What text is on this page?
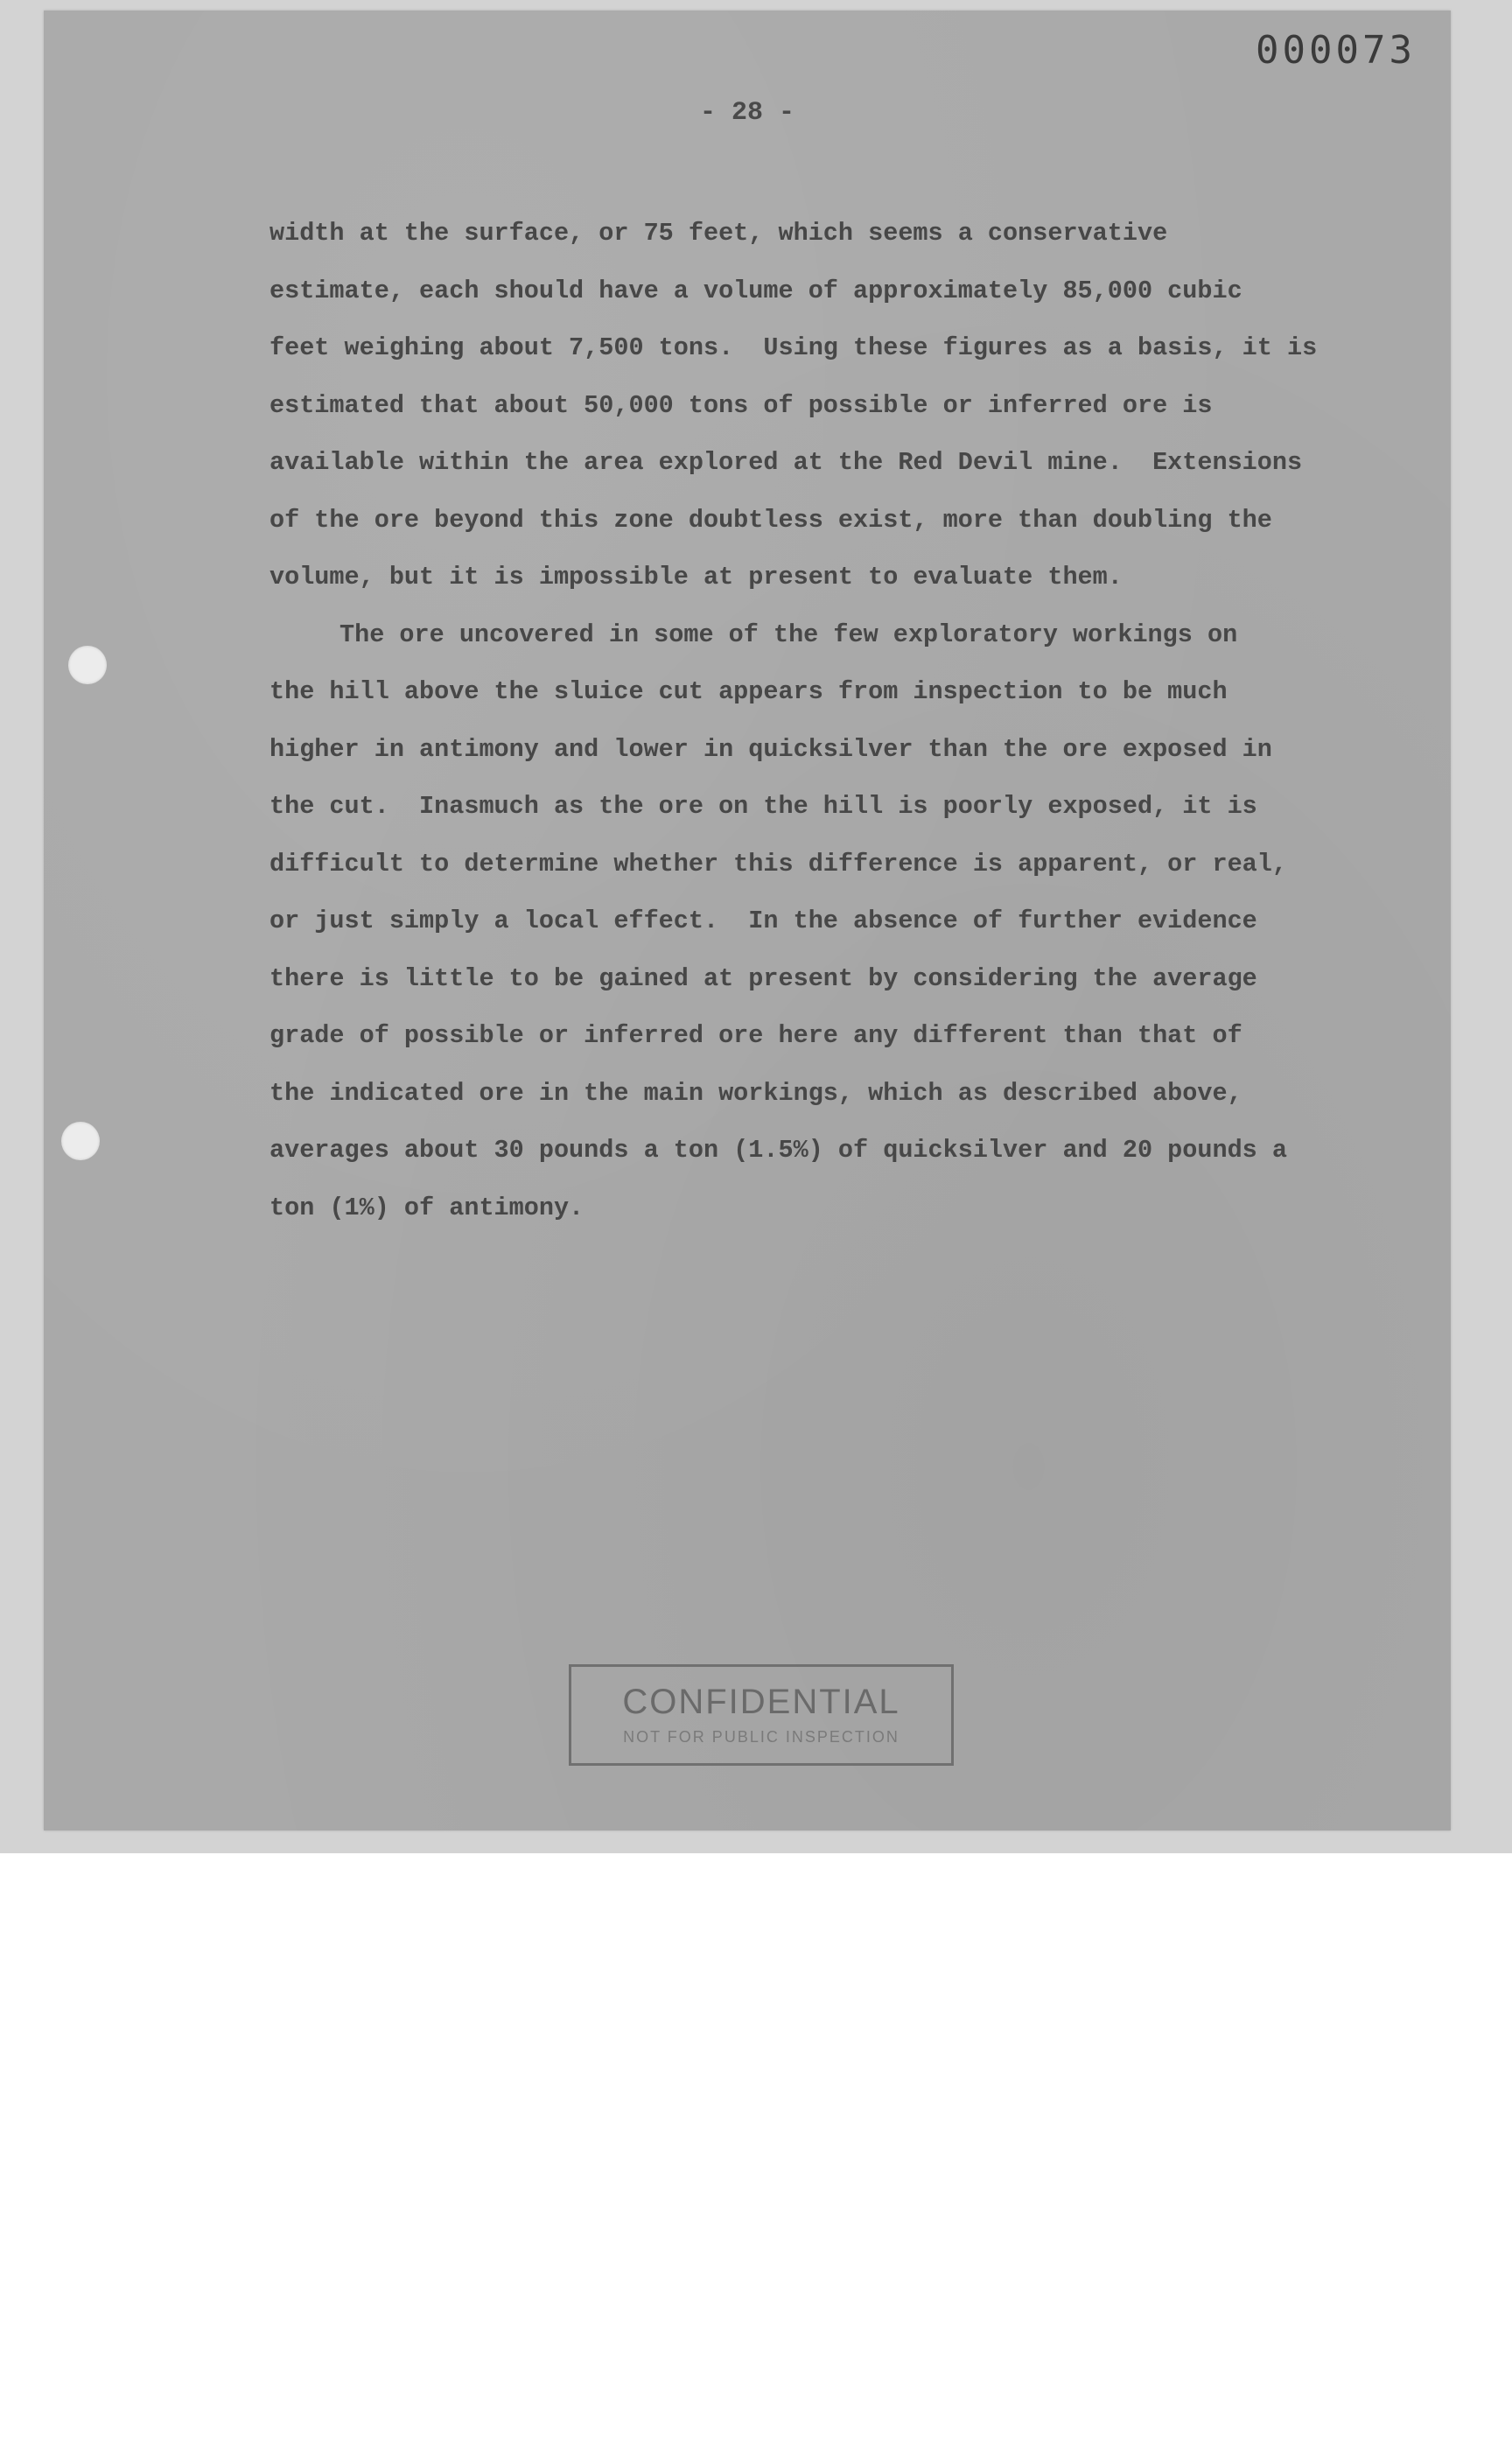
000073
- 28 -
width at the surface, or 75 feet, which seems a conservative
estimate, each should have a volume of approximately 85,000 cubic
feet weighing about 7,500 tons.  Using these figures as a basis, it is
estimated that about 50,000 tons of possible or inferred ore is
available within the area explored at the Red Devil mine.  Extensions
of the ore beyond this zone doubtless exist, more than doubling the
volume, but it is impossible at present to evaluate them.
The ore uncovered in some of the few exploratory workings on
the hill above the sluice cut appears from inspection to be much
higher in antimony and lower in quicksilver than the ore exposed in
the cut.  Inasmuch as the ore on the hill is poorly exposed, it is
difficult to determine whether this difference is apparent, or real,
or just simply a local effect.  In the absence of further evidence
there is little to be gained at present by considering the average
grade of possible or inferred ore here any different than that of
the indicated ore in the main workings, which as described above,
averages about 30 pounds a ton (1.5%) of quicksilver and 20 pounds a
ton (1%) of antimony.
CONFIDENTIAL
NOT FOR PUBLIC INSPECTION
